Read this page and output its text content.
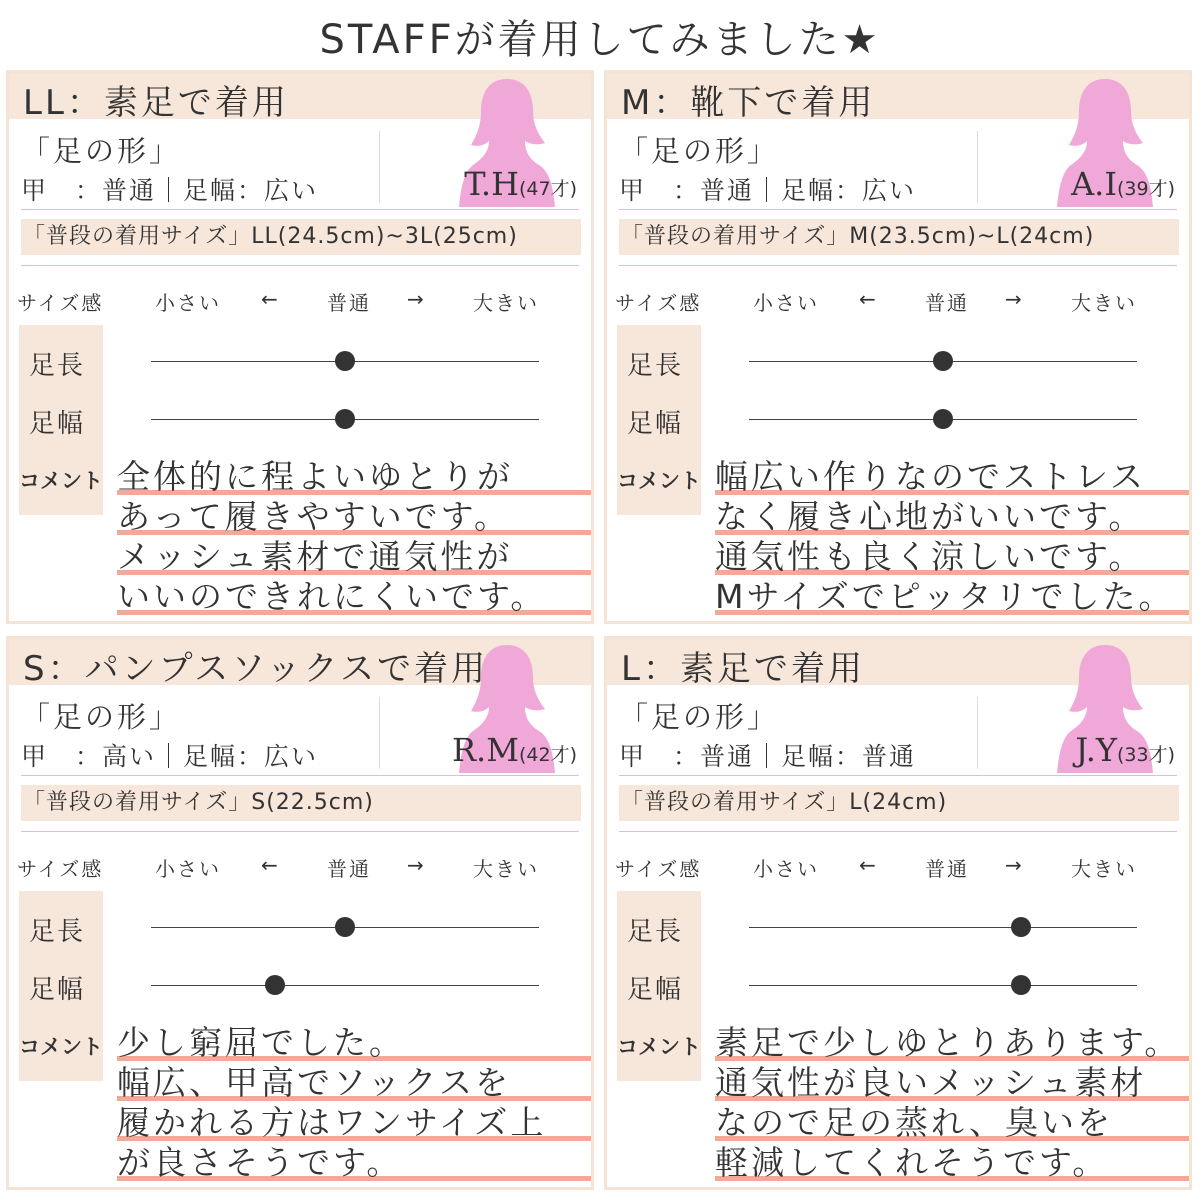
STAFFが着用してみました★
LL：素足で着用
「足の形」
甲　：普通｜足幅：広い	T.H(47才)
「普段の着用サイズ」LL(24.5cm)~3L(25cm)
サイズ感	小さい ← 普通 → 大きい
足長
足幅
コメント 全体的に程よいゆとりが
あって履きやすいです。
メッシュ素材で通気性が
いいのできれにくいです。
M：靴下で着用
「足の形」
甲　：普通｜足幅：広い	A.I(39才)
「普段の着用サイズ」M(23.5cm)~L(24cm)
サイズ感	小さい ← 普通 → 大きい
足長
足幅
コメント 幅広い作りなのでストレス
なく履き心地がいいです。
通気性も良く涼しいです。
Mサイズでピッタリでした。
S：パンプスソックスで着用
「足の形」
甲　：高い｜足幅：広い	R.M(42才)
「普段の着用サイズ」S(22.5cm)
サイズ感	小さい ← 普通 → 大きい
足長
足幅
コメント 少し窮屈でした。
幅広、甲高でソックスを
履かれる方はワンサイズ上
が良さそうです。
L：素足で着用
「足の形」
甲　：普通｜足幅：普通	J.Y(33才)
「普段の着用サイズ」L(24cm)
サイズ感	小さい ← 普通 → 大きい
足長
足幅
コメント 素足で少しゆとりあります。
通気性が良いメッシュ素材
なので足の蒸れ、臭いを
軽減してくれそうです。
